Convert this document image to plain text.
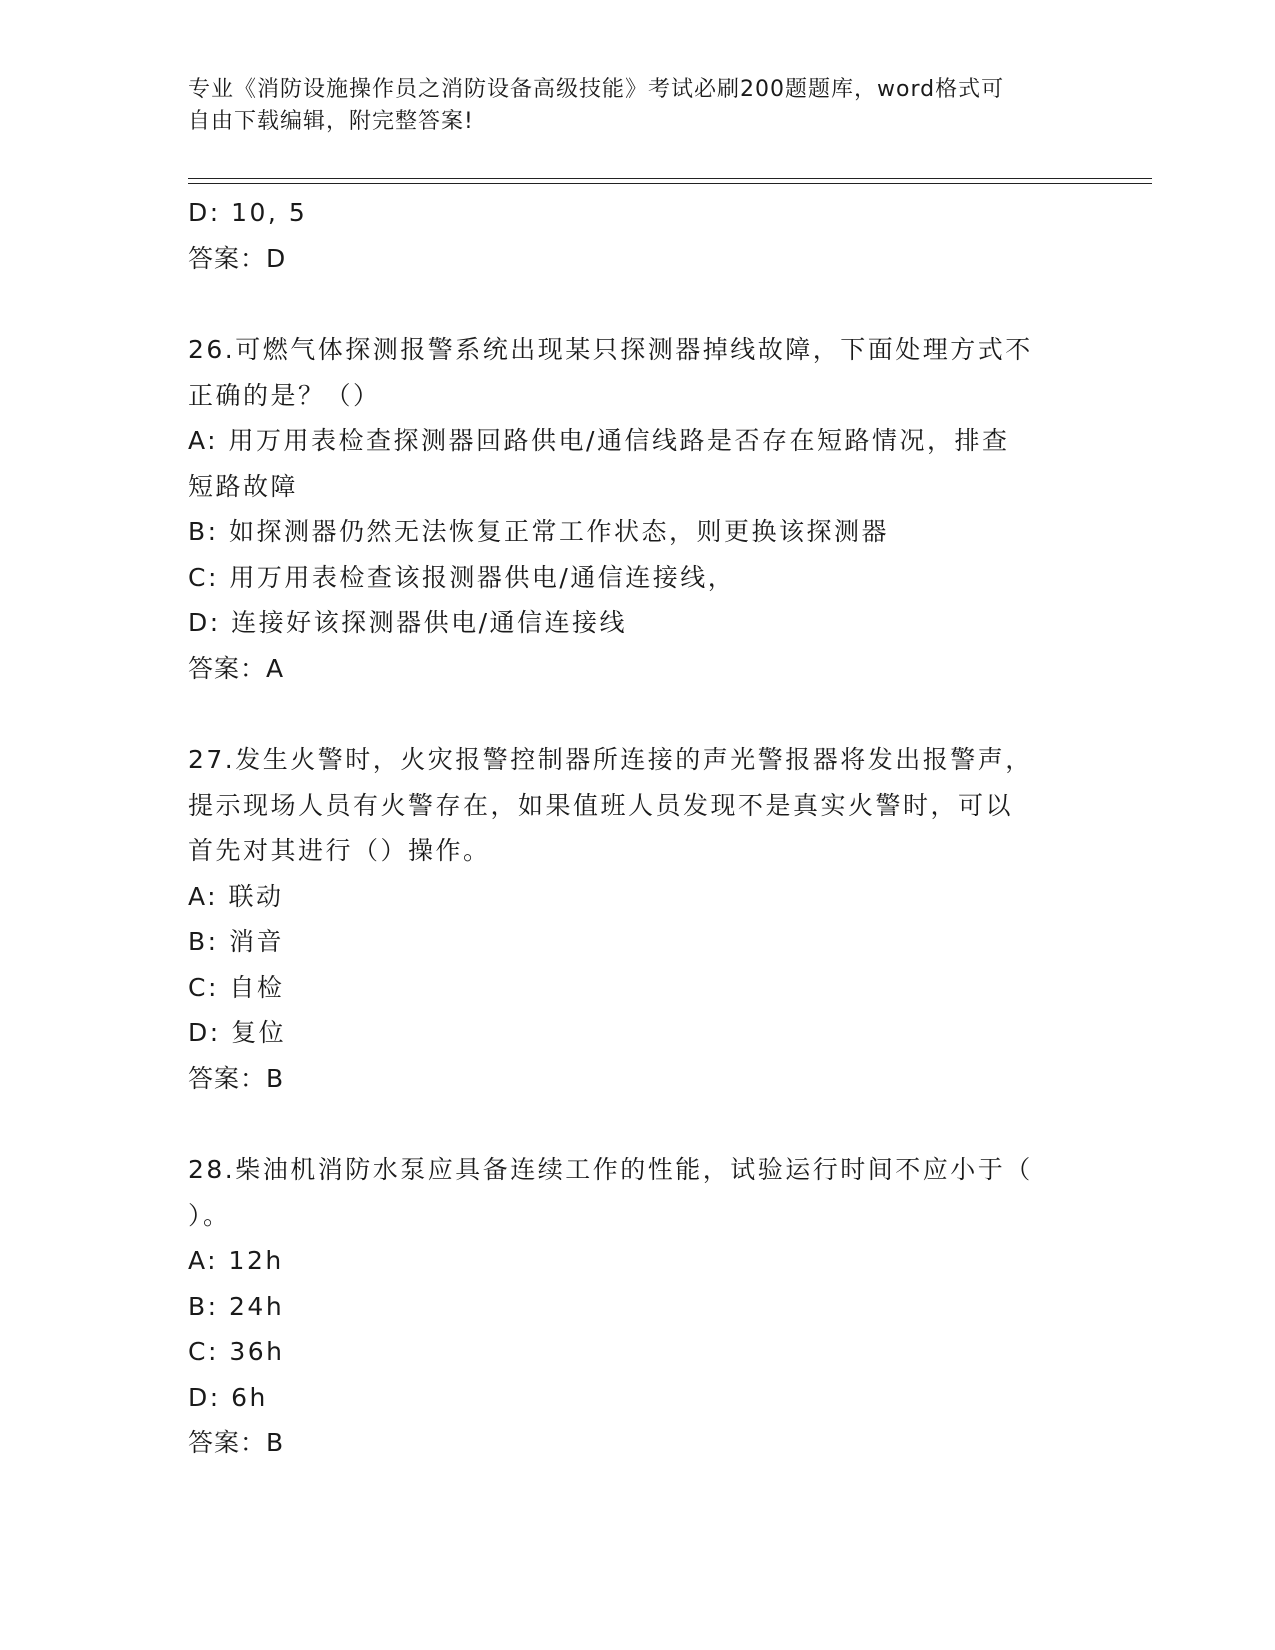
专业《消防设施操作员之消防设备高级技能》考试必刷200题题库，word格式可
自由下载编辑，附完整答案!
D: 10, 5
答案：D
26.可燃气体探测报警系统出现某只探测器掉线故障，下面处理方式不
正确的是？（）
A: 用万用表检查探测器回路供电/通信线路是否存在短路情况，排查
短路故障
B: 如探测器仍然无法恢复正常工作状态，则更换该探测器
C: 用万用表检查该报测器供电/通信连接线，
D: 连接好该探测器供电/通信连接线
答案：A
27.发生火警时，火灾报警控制器所连接的声光警报器将发出报警声，
提示现场人员有火警存在，如果值班人员发现不是真实火警时，可以
首先对其进行（）操作。
A: 联动
B: 消音
C: 自检
D: 复位
答案：B
28.柴油机消防水泵应具备连续工作的性能，试验运行时间不应小于（
）。
A: 12h
B: 24h
C: 36h
D: 6h
答案：B
